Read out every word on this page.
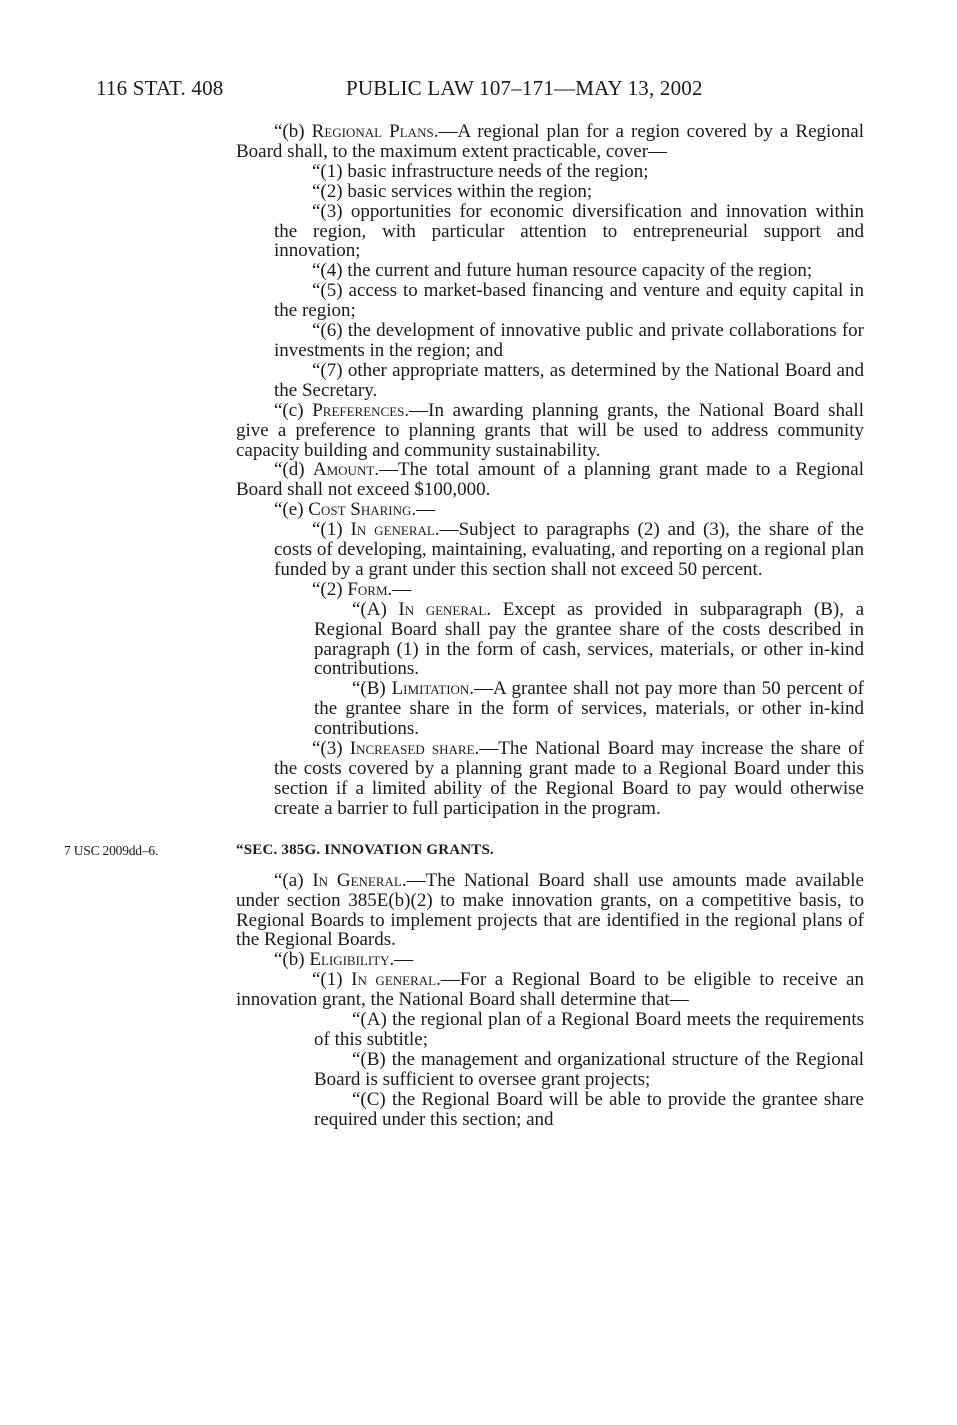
116 STAT. 408	PUBLIC LAW 107–171—MAY 13, 2002

“(b) Regional Plans.—A regional plan for a region covered by a Regional Board shall, to the maximum extent practicable, cover—

“(1) basic infrastructure needs of the region;

“(2) basic services within the region;

“(3) opportunities for economic diversification and innovation within the region, with particular attention to entrepreneurial support and innovation;

“(4) the current and future human resource capacity of the region;

“(5) access to market-based financing and venture and equity capital in the region;

“(6) the development of innovative public and private collaborations for investments in the region; and

“(7) other appropriate matters, as determined by the National Board and the Secretary.

“(c) Preferences.—In awarding planning grants, the National Board shall give a preference to planning grants that will be used to address community capacity building and community sustainability.

“(d) Amount.—The total amount of a planning grant made to a Regional Board shall not exceed $100,000.

“(e) Cost Sharing.—

“(1) In general.—Subject to paragraphs (2) and (3), the share of the costs of developing, maintaining, evaluating, and reporting on a regional plan funded by a grant under this section shall not exceed 50 percent.

“(2) Form.—

“(A) In general. Except as provided in subparagraph (B), a Regional Board shall pay the grantee share of the costs described in paragraph (1) in the form of cash, services, materials, or other in-kind contributions.

“(B) Limitation.—A grantee shall not pay more than 50 percent of the grantee share in the form of services, materials, or other in-kind contributions.

“(3) Increased share.—The National Board may increase the share of the costs covered by a planning grant made to a Regional Board under this section if a limited ability of the Regional Board to pay would otherwise create a barrier to full participation in the program.

7 USC 2009dd–6.	“SEC. 385G. INNOVATION GRANTS.

“(a) In General.—The National Board shall use amounts made available under section 385E(b)(2) to make innovation grants, on a competitive basis, to Regional Boards to implement projects that are identified in the regional plans of the Regional Boards.

“(b) Eligibility.—

“(1) In general.—For a Regional Board to be eligible to receive an innovation grant, the National Board shall determine that—

“(A) the regional plan of a Regional Board meets the requirements of this subtitle;

“(B) the management and organizational structure of the Regional Board is sufficient to oversee grant projects;

“(C) the Regional Board will be able to provide the grantee share required under this section; and
